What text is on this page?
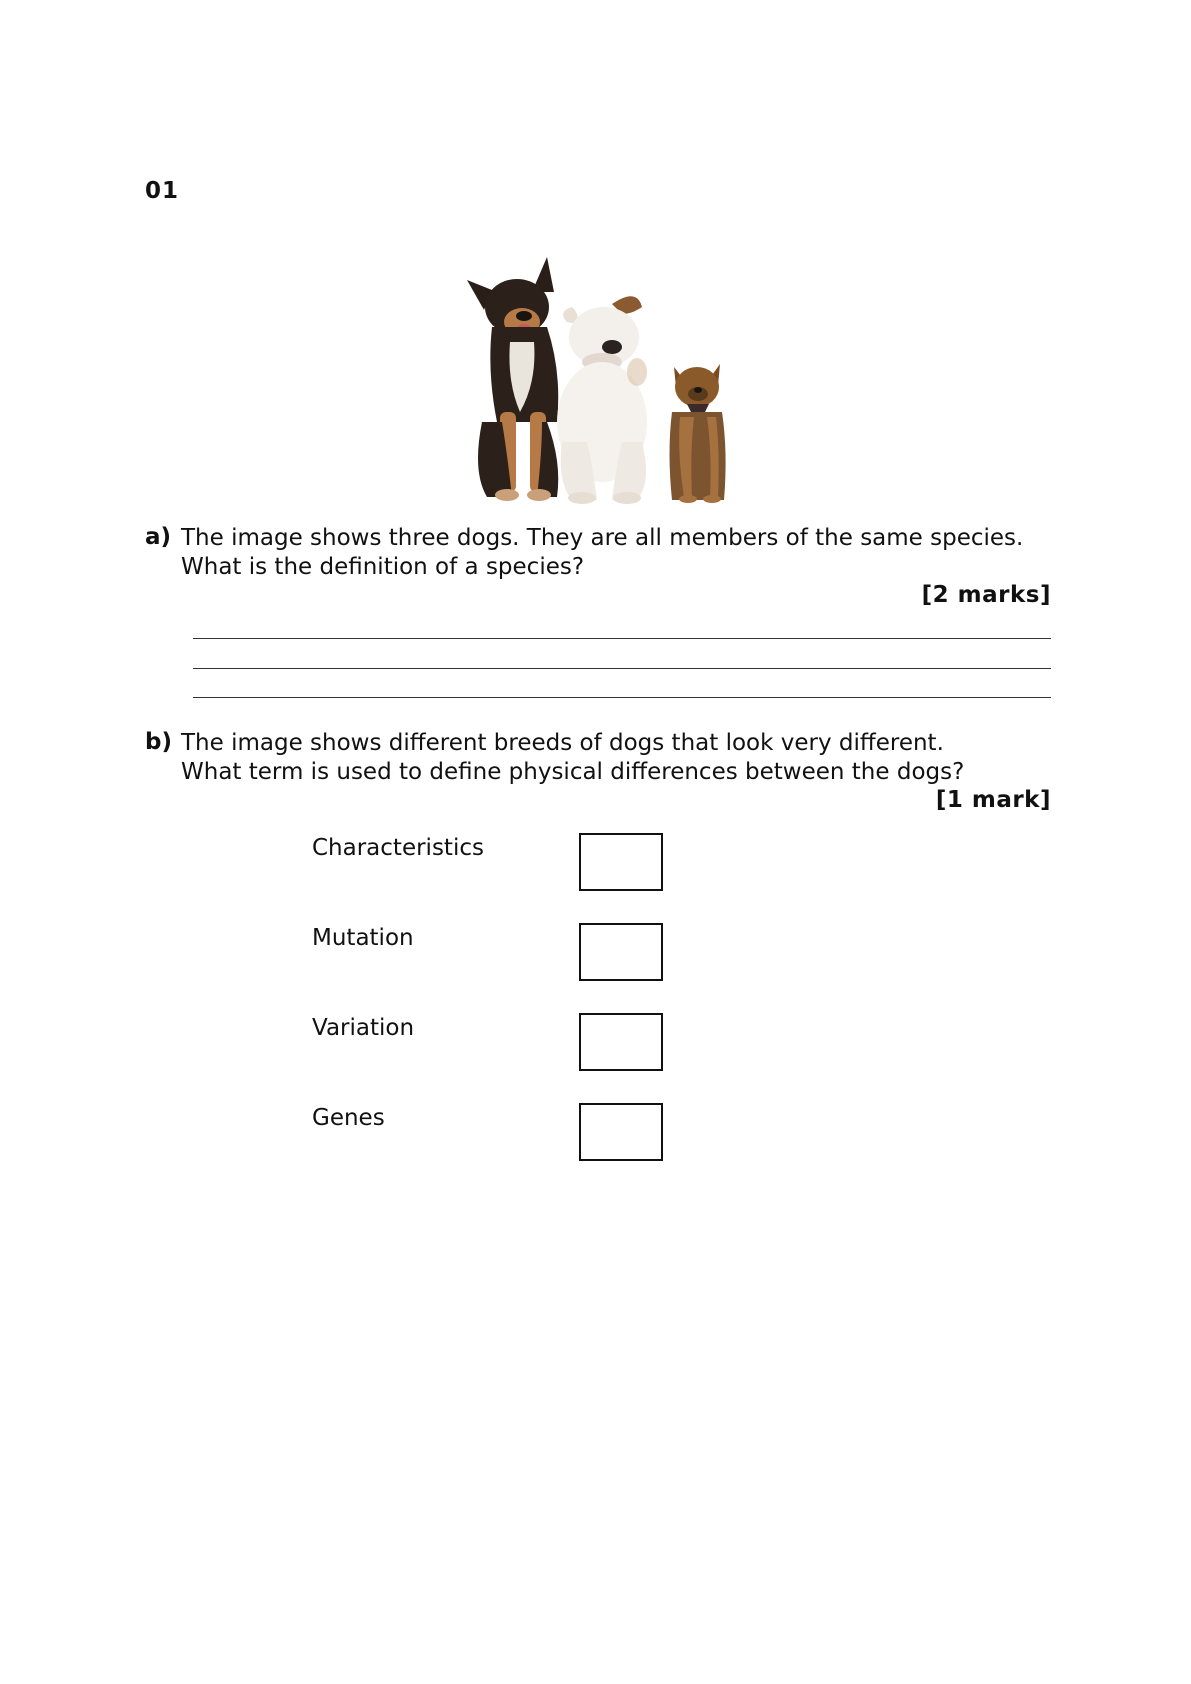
01
a) The image shows three dogs. They are all members of the same species.
What is the definition of a species?
[2 marks]
b) The image shows different breeds of dogs that look very different.
What term is used to define physical differences between the dogs?
[1 mark]
Characteristics
Mutation
Variation
Genes
